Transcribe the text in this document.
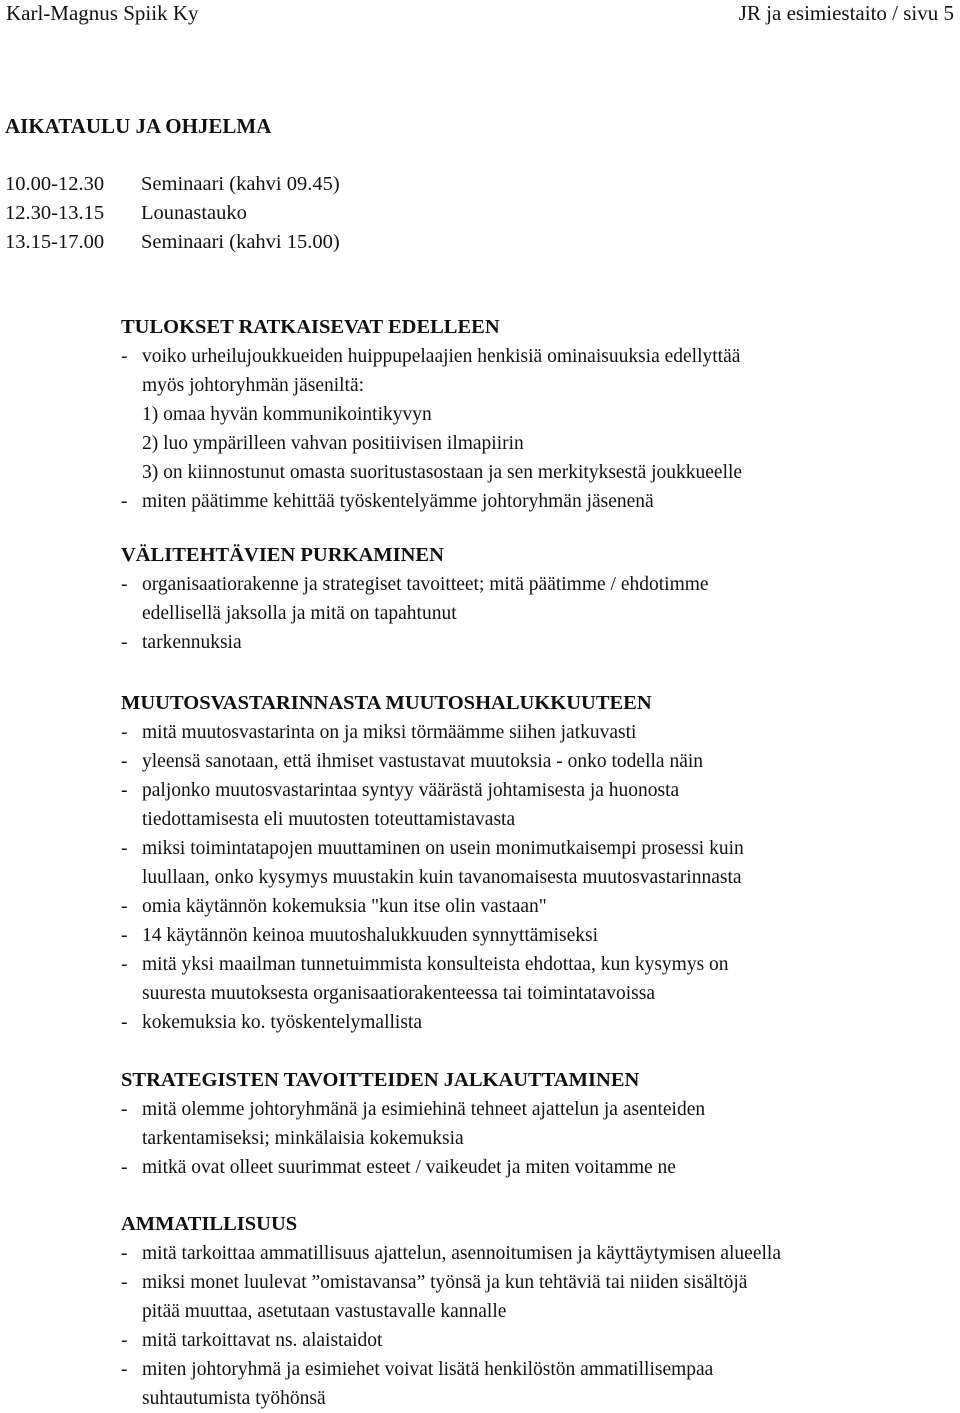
Karl-Magnus Spiik Ky	JR ja esimiestaito / sivu 5
AIKATAULU JA OHJELMA
10.00-12.30 Seminaari (kahvi 09.45)
12.30-13.15 Lounastauko
13.15-17.00 Seminaari (kahvi 15.00)
TULOKSET RATKAISEVAT EDELLEEN
- voiko urheilujoukkueiden huippupelaajien henkisiä ominaisuuksia edellyttää
myös johtoryhmän jäseniltä:
1) omaa hyvän kommunikointikyvyn
2) luo ympärilleen vahvan positiivisen ilmapiirin
3) on kiinnostunut omasta suoritustasostaan ja sen merkityksestä joukkueelle
- miten päätimme kehittää työskentelyämme johtoryhmän jäsenenä
VÄLITEHTÄVIEN PURKAMINEN
- organisaatiorakenne ja strategiset tavoitteet; mitä päätimme / ehdotimme
edellisellä jaksolla ja mitä on tapahtunut
- tarkennuksia
MUUTOSVASTARINNASTA MUUTOSHALUKKUUTEEN
- mitä muutosvastarinta on ja miksi törmäämme siihen jatkuvasti
- yleensä sanotaan, että ihmiset vastustavat muutoksia - onko todella näin
- paljonko muutosvastarintaa syntyy väärästä johtamisesta ja huonosta
tiedottamisesta eli muutosten toteuttamistavasta
- miksi toimintatapojen muuttaminen on usein monimutkaisempi prosessi kuin
luullaan, onko kysymys muustakin kuin tavanomaisesta muutosvastarinnasta
- omia käytännön kokemuksia "kun itse olin vastaan"
- 14 käytännön keinoa muutoshalukkuuden synnyttämiseksi
- mitä yksi maailman tunnetuimmista konsulteista ehdottaa, kun kysymys on
suuresta muutoksesta organisaatiorakenteessa tai toimintatavoissa
- kokemuksia ko. työskentelymallista
STRATEGISTEN TAVOITTEIDEN JALKAUTTAMINEN
- mitä olemme johtoryhmänä ja esimiehinä tehneet ajattelun ja asenteiden
tarkentamiseksi; minkälaisia kokemuksia
- mitkä ovat olleet suurimmat esteet / vaikeudet ja miten voitamme ne
AMMATILLISUUS
- mitä tarkoittaa ammatillisuus ajattelun, asennoitumisen ja käyttäytymisen alueella
- miksi monet luulevat ”omistavansa” työnsä ja kun tehtäviä tai niiden sisältöjä
pitää muuttaa, asetutaan vastustavalle kannalle
- mitä tarkoittavat ns. alaistaidot
- miten johtoryhmä ja esimiehet voivat lisätä henkilöstön ammatillisempaa
suhtautumista työhönsä
